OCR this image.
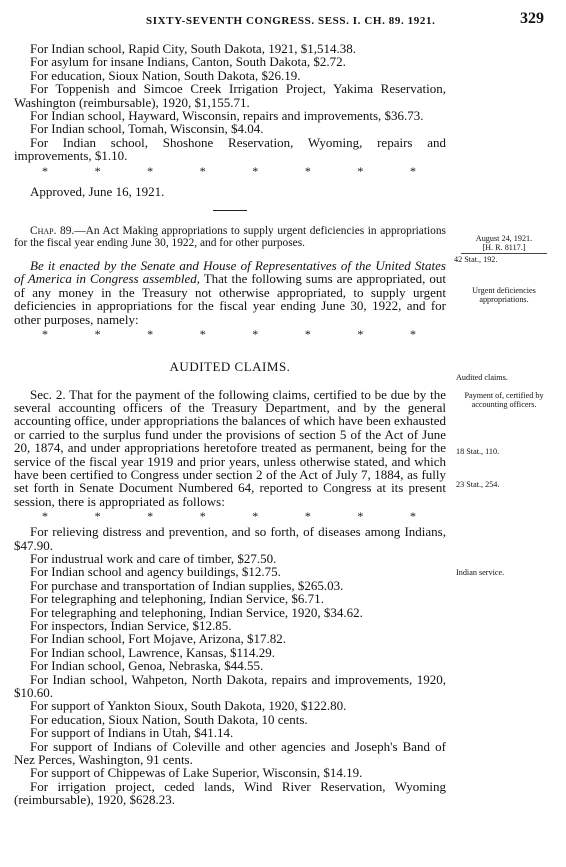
SIXTY-SEVENTH CONGRESS. SESS. I. CH. 89. 1921.	329

For Indian school, Rapid City, South Dakota, 1921, $1,514.38.

For asylum for insane Indians, Canton, South Dakota, $2.72.

For education, Sioux Nation, South Dakota, $26.19.

For Toppenish and Simcoe Creek Irrigation Project, Yakima Reservation, Washington (reimbursable), 1920, $1,155.71.

For Indian school, Hayward, Wisconsin, repairs and improvements, $36.73.

For Indian school, Tomah, Wisconsin, $4.04.

For Indian school, Shoshone Reservation, Wyoming, repairs and improvements, $1.10.

*	*	*	*	*	*	*	*

Approved, June 16, 1921.

Chap. 89.—An Act Making appropriations to supply urgent deficiencies in appropriations for the fiscal year ending June 30, 1922, and for other purposes.

Be it enacted by the Senate and House of Representatives of the United States of America in Congress assembled, That the following sums are appropriated, out of any money in the Treasury not otherwise appropriated, to supply urgent deficiencies in appropriations for the fiscal year ending June 30, 1922, and for other purposes, namely:

*	*	*	*	*	*	*	*
AUDITED CLAIMS.

Sec. 2. That for the payment of the following claims, certified to be due by the several accounting officers of the Treasury Department, and by the general accounting office, under appropriations the balances of which have been exhausted or carried to the surplus fund under the provisions of section 5 of the Act of June 20, 1874, and under appropriations heretofore treated as permanent, being for the service of the fiscal year 1919 and prior years, unless otherwise stated, and which have been certified to Congress under section 2 of the Act of July 7, 1884, as fully set forth in Senate Document Numbered 64, reported to Congress at its present session, there is appropriated as follows:

*	*	*	*	*	*	*	*

For relieving distress and prevention, and so forth, of diseases among Indians, $47.90.

For industrual work and care of timber, $27.50.

For Indian school and agency buildings, $12.75.

For purchase and transportation of Indian supplies, $265.03.

For telegraphing and telephoning, Indian Service, $6.71.

For telegraphing and telephoning, Indian Service, 1920, $34.62.

For inspectors, Indian Service, $12.85.

For Indian school, Fort Mojave, Arizona, $17.82.

For Indian school, Lawrence, Kansas, $114.29.

For Indian school, Genoa, Nebraska, $44.55.

For Indian school, Wahpeton, North Dakota, repairs and improvements, 1920, $10.60.

For support of Yankton Sioux, South Dakota, 1920, $122.80.

For education, Sioux Nation, South Dakota, 10 cents.

For support of Indians in Utah, $41.14.

For support of Indians of Coleville and other agencies and Joseph's Band of Nez Perces, Washington, 91 cents.

For support of Chippewas of Lake Superior, Wisconsin, $14.19.

For irrigation project, ceded lands, Wind River Reservation, Wyoming (reimbursable), 1920, $628.23.

August 24, 1921.
[H. R. 8117.]
42 Stat., 192.
Urgent deficiencies appropriations.
Audited claims.
Payment of, certified by accounting officers.
18 Stat., 110.
23 Stat., 254.
Indian service.
